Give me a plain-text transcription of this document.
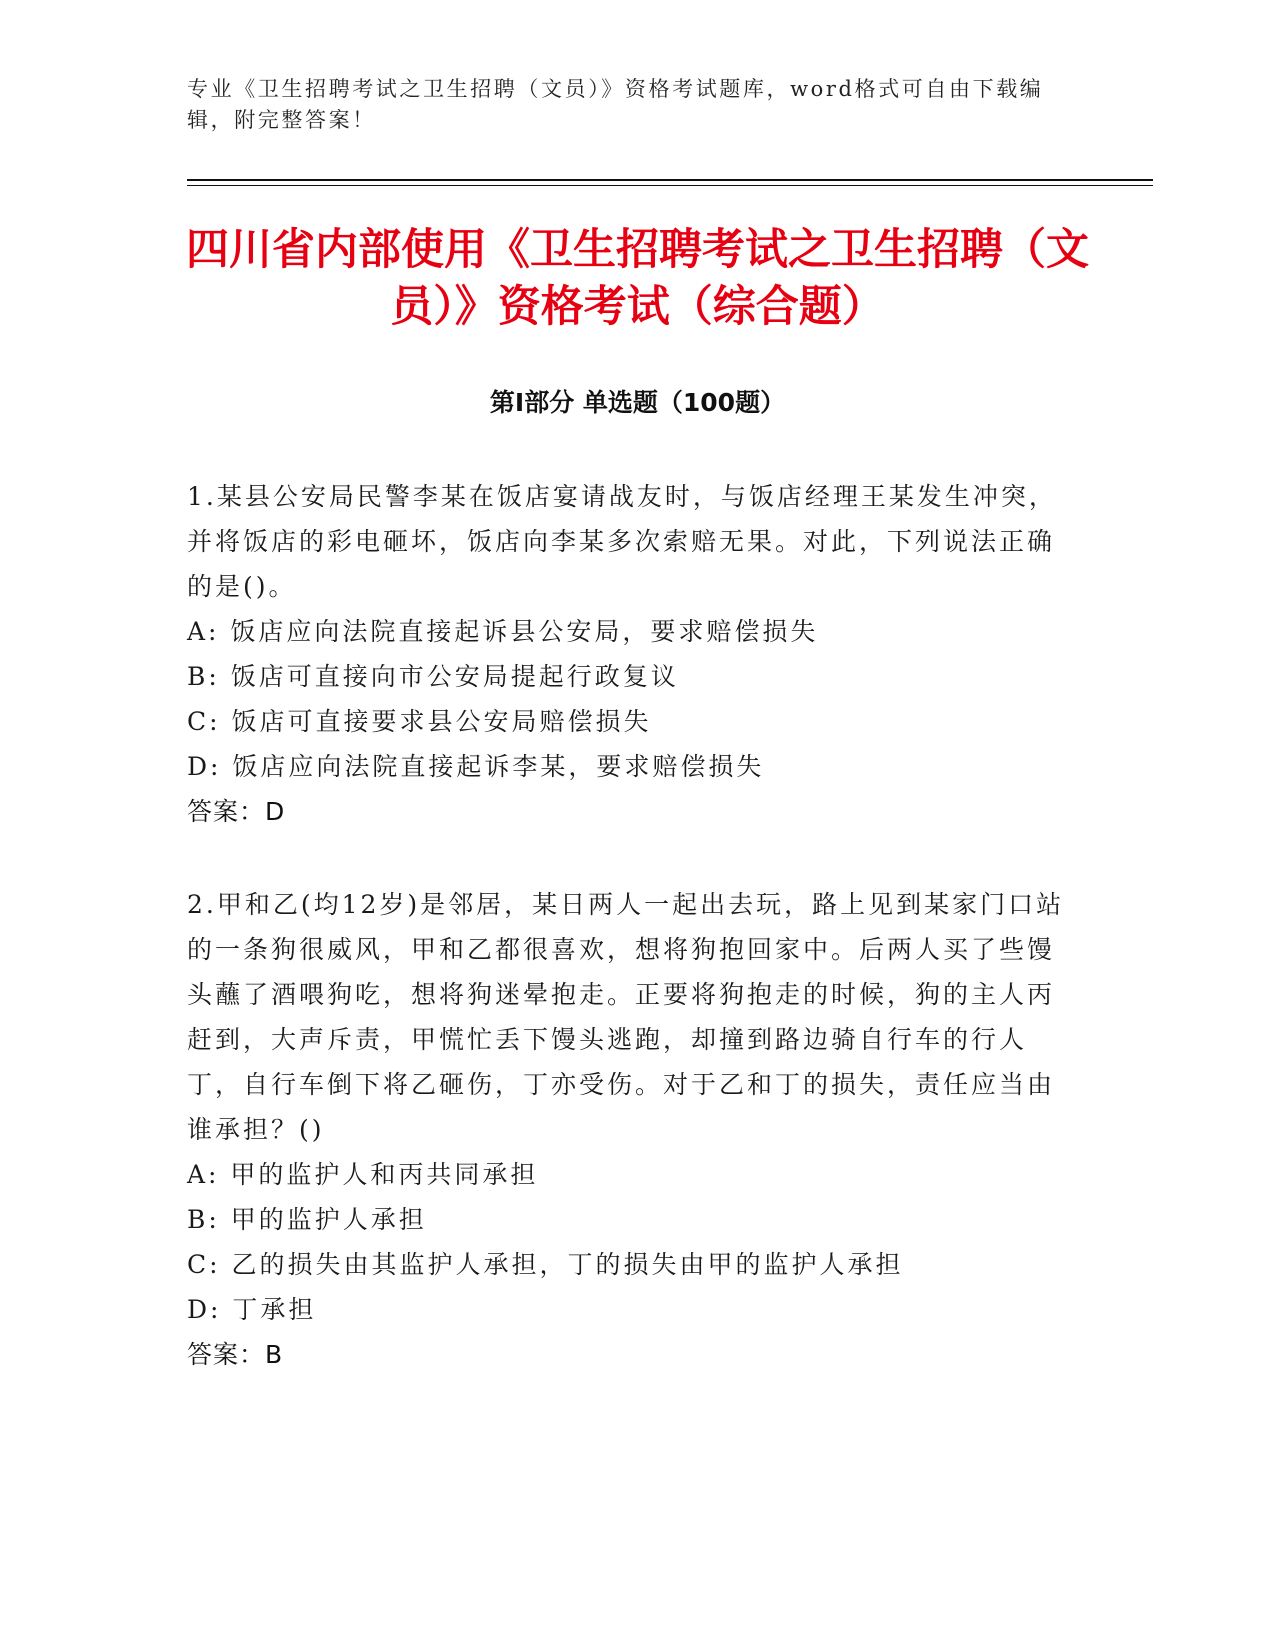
专业《卫生招聘考试之卫生招聘（文员）》资格考试题库，word格式可自由下载编辑，附完整答案！
四川省内部使用《卫生招聘考试之卫生招聘（文员）》资格考试（综合题）
第I部分 单选题（100题）

1.某县公安局民警李某在饭店宴请战友时，与饭店经理王某发生冲突，并将饭店的彩电砸坏，饭店向李某多次索赔无果。对此，下列说法正确的是()。

A: 饭店应向法院直接起诉县公安局，要求赔偿损失

B: 饭店可直接向市公安局提起行政复议

C: 饭店可直接要求县公安局赔偿损失

D: 饭店应向法院直接起诉李某，要求赔偿损失

答案：D

2.甲和乙(均12岁)是邻居，某日两人一起出去玩，路上见到某家门口站的一条狗很威风，甲和乙都很喜欢，想将狗抱回家中。后两人买了些馒头蘸了酒喂狗吃，想将狗迷晕抱走。正要将狗抱走的时候，狗的主人丙赶到，大声斥责，甲慌忙丢下馒头逃跑，却撞到路边骑自行车的行人丁，自行车倒下将乙砸伤，丁亦受伤。对于乙和丁的损失，责任应当由谁承担？()

A: 甲的监护人和丙共同承担

B: 甲的监护人承担

C: 乙的损失由其监护人承担，丁的损失由甲的监护人承担

D: 丁承担

答案：B
